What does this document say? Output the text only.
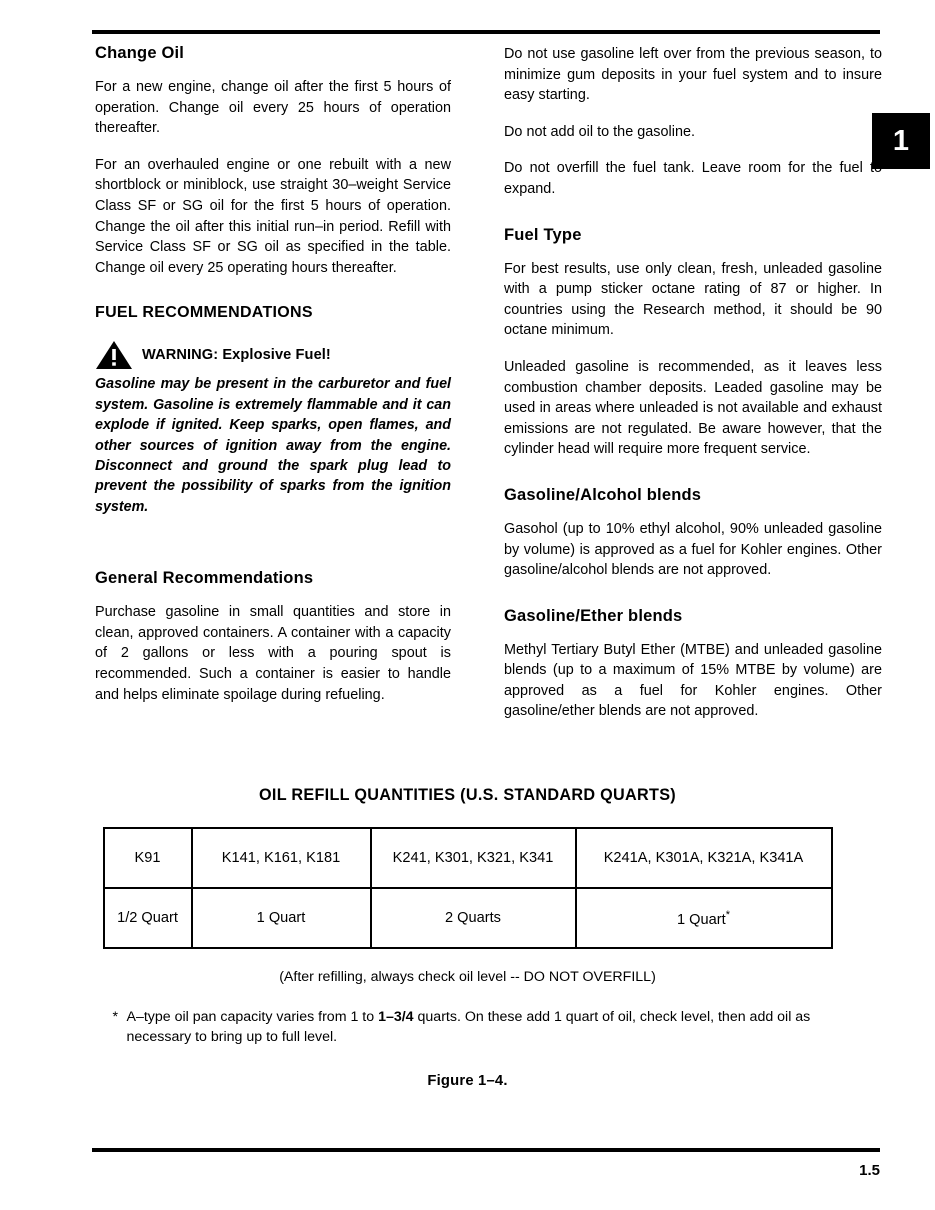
1
Change Oil

For a new engine, change oil after the first 5 hours of operation. Change oil every 25 hours of operation thereafter.

For an overhauled engine or one rebuilt with a new shortblock or miniblock, use straight 30–weight Service Class SF or SG oil for the first 5 hours of operation. Change the oil after this initial run–in period. Refill with Service Class SF or SG oil as specified in the table. Change oil every 25 operating hours thereafter.

FUEL RECOMMENDATIONS
WARNING: Explosive Fuel!

Gasoline may be present in the carburetor and fuel system. Gasoline is extremely flammable and it can explode if ignited. Keep sparks, open flames, and other sources of ignition away from the engine. Disconnect and ground the spark plug lead to prevent the possibility of sparks from the ignition system.

General Recommendations

Purchase gasoline in small quantities and store in clean, approved containers. A container with a capacity of 2 gallons or less with a pouring spout is recommended. Such a container is easier to handle and helps eliminate spoilage during refueling.

Do not use gasoline left over from the previous season, to minimize gum deposits in your fuel system and to insure easy starting.

Do not add oil to the gasoline.

Do not overfill the fuel tank. Leave room for the fuel to expand.

Fuel Type

For best results, use only clean, fresh, unleaded gasoline with a pump sticker octane rating of 87 or higher. In countries using the Research method, it should be 90 octane minimum.

Unleaded gasoline is recommended, as it leaves less combustion chamber deposits. Leaded gasoline may be used in areas where unleaded is not available and exhaust emissions are not regulated. Be aware however, that the cylinder head will require more frequent service.

Gasoline/Alcohol blends

Gasohol (up to 10% ethyl alcohol, 90% unleaded gasoline by volume) is approved as a fuel for Kohler engines. Other gasoline/alcohol blends are not approved.

Gasoline/Ether blends

Methyl Tertiary Butyl Ether (MTBE) and unleaded gasoline blends (up to a maximum of 15% MTBE by volume) are approved as a fuel for Kohler engines. Other gasoline/ether blends are not approved.

OIL REFILL QUANTITIES (U.S. STANDARD QUARTS)
K91	K141, K161, K181	K241, K301, K321, K341	K241A, K301A, K321A, K341A
1/2 Quart	1 Quart	2 Quarts	1 Quart*
(After refilling, always check oil level -- DO NOT OVERFILL)
* A–type oil pan capacity varies from 1 to 1–3/4 quarts. On these add 1 quart of oil, check level, then add oil as necessary to bring up to full level.
Figure 1–4.
1.5
